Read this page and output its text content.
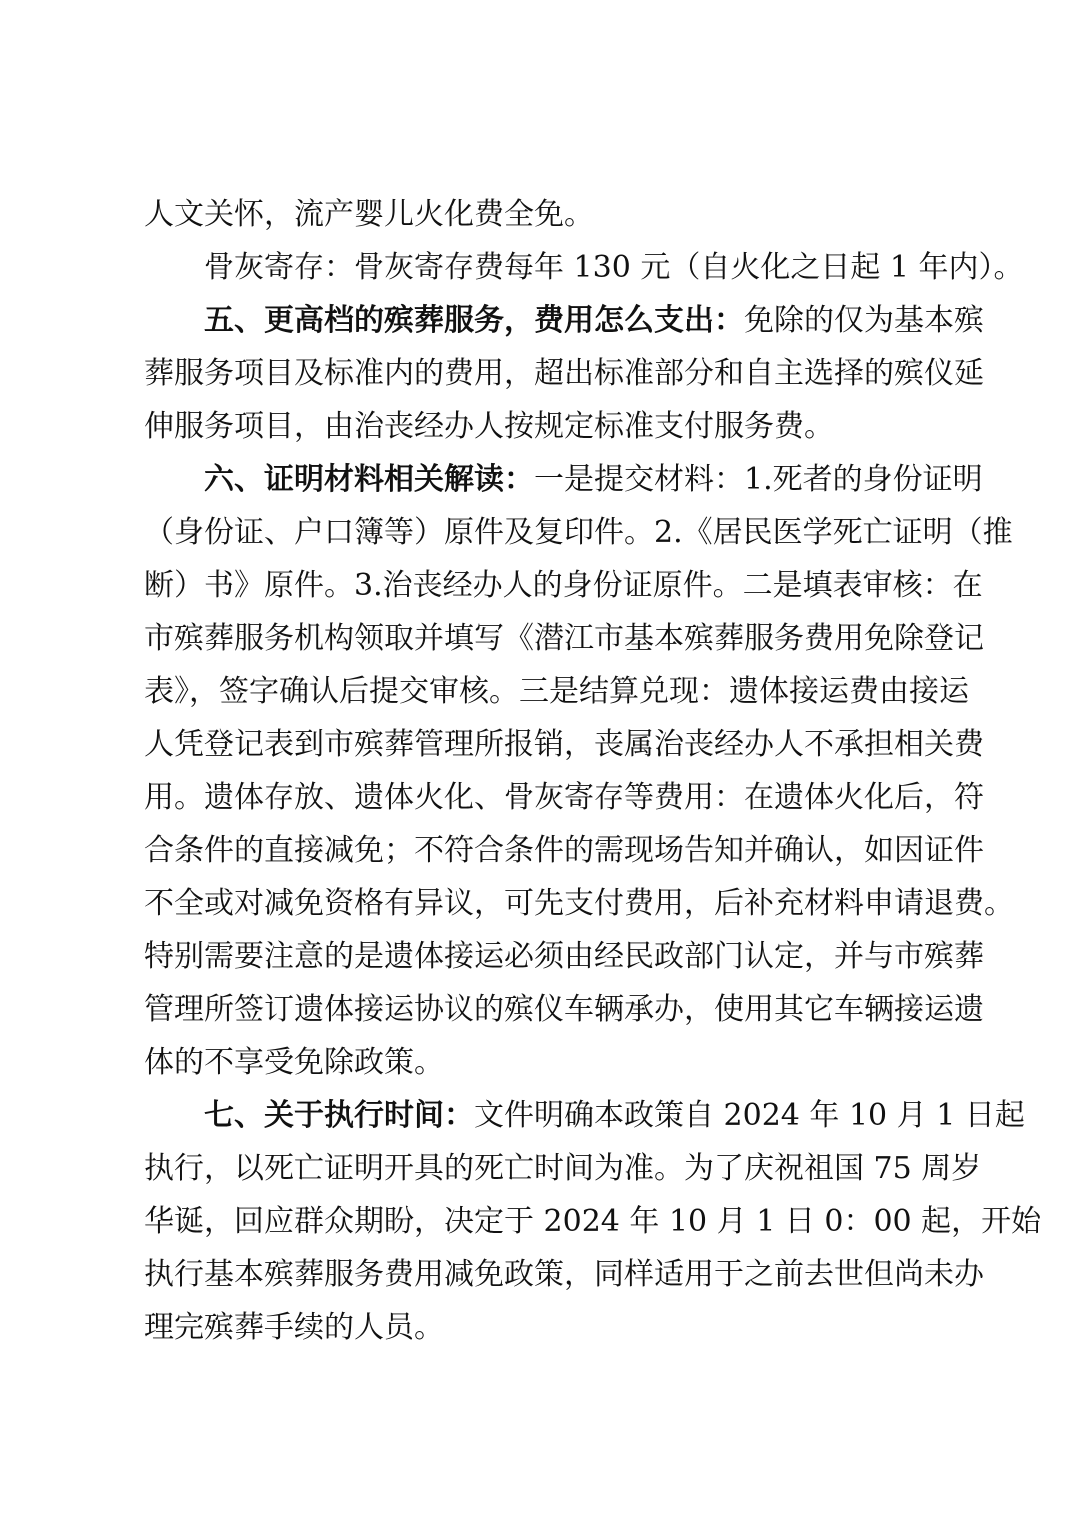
人文关怀，流产婴儿火化费全免。
骨灰寄存：骨灰寄存费每年 130 元（自火化之日起 1 年内）。
五、更高档的殡葬服务，费用怎么支出：免除的仅为基本殡
葬服务项目及标准内的费用，超出标准部分和自主选择的殡仪延
伸服务项目，由治丧经办人按规定标准支付服务费。
六、证明材料相关解读：一是提交材料：1.死者的身份证明
（身份证、户口簿等）原件及复印件。2.《居民医学死亡证明（推
断）书》原件。3.治丧经办人的身份证原件。二是填表审核：在
市殡葬服务机构领取并填写《潜江市基本殡葬服务费用免除登记
表》，签字确认后提交审核。三是结算兑现：遗体接运费由接运
人凭登记表到市殡葬管理所报销，丧属治丧经办人不承担相关费
用。遗体存放、遗体火化、骨灰寄存等费用：在遗体火化后，符
合条件的直接减免；不符合条件的需现场告知并确认，如因证件
不全或对减免资格有异议，可先支付费用，后补充材料申请退费。
特别需要注意的是遗体接运必须由经民政部门认定，并与市殡葬
管理所签订遗体接运协议的殡仪车辆承办，使用其它车辆接运遗
体的不享受免除政策。
七、关于执行时间：文件明确本政策自 2024 年 10 月 1 日起
执行，以死亡证明开具的死亡时间为准。为了庆祝祖国 75 周岁
华诞，回应群众期盼，决定于 2024 年 10 月 1 日 0：00 起，开始
执行基本殡葬服务费用减免政策，同样适用于之前去世但尚未办
理完殡葬手续的人员。
